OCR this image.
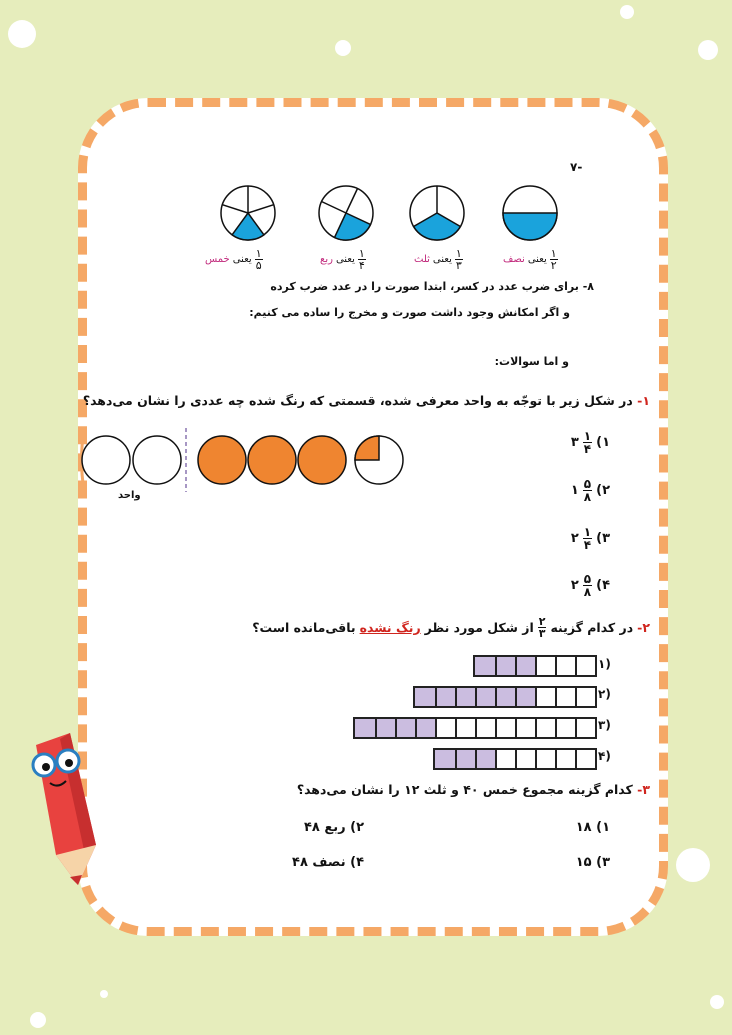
-۷
$\frac{۱}{۲}$
یعنی
نصف
$\frac{۱}{۳}$
یعنی
ثلث
$\frac{۱}{۴}$
یعنی
ربع
$\frac{۱}{۵}$
یعنی
خمس
۸- برای ضرب عدد در کسر، ابتدا صورت را در عدد ضرب کرده
و اگر امکانش وجود داشت صورت و مخرج را ساده می کنیم:
و اما سوالات:
۱- در شکل زیر با توجّه به واحد معرفی شده، قسمتی که رنگ شده چه عددی را نشان می‌دهد؟
واحد
۱)
$\frac{۱}{۴}$
۳
۲)
$\frac{۵}{۸}$
۱
۳)
$\frac{۱}{۴}$
۲
۴)
$\frac{۵}{۸}$
۲
۲-
در کدام گزینه
$\frac{۲}{۳}$
از شکل مورد نظر
رنگ نشده
باقی‌مانده است؟
۱)
۲)
۳)
۴)
۳- کدام گزینه مجموع خمس ۴۰ و ثلث ۱۲ را نشان می‌دهد؟
۱) ۱۸
۲) ربع ۴۸
۳) ۱۵
۴) نصف ۴۸
